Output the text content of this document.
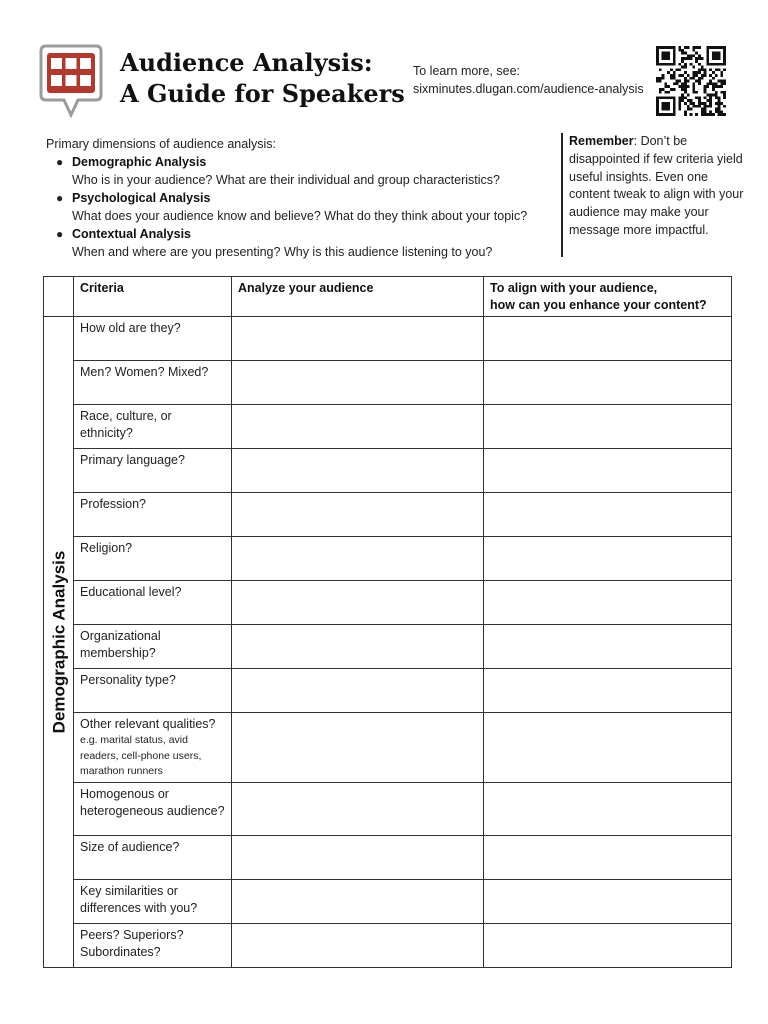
Audience Analysis:
A Guide for Speakers
To learn more, see:
sixminutes.dlugan.com/audience-analysis
Primary dimensions of audience analysis:
● Demographic Analysis
Who is in your audience? What are their individual and group characteristics?
● Psychological Analysis
What does your audience know and believe? What do they think about your topic?
● Contextual Analysis
When and where are you presenting? Why is this audience listening to you?
Remember: Don’t be disappointed if few criteria yield useful insights. Even one content tweak to align with your audience may make your message more impactful.
	Criteria	Analyze your audience	To align with your audience,
how can you enhance your content?

Demographic Analysis	How old are they?		
	Men? Women? Mixed?		
	Race, culture, or ethnicity?		
	Primary language?		
	Profession?		
	Religion?		
	Educational level?		
	Organizational membership?		
	Personality type?		
	Other relevant qualities?
e.g. marital status, avid readers, cell-phone users, marathon runners		

	Homogenous or heterogeneous audience?		
	Size of audience?		
	Key similarities or differences with you?		
	Peers? Superiors? Subordinates?		
